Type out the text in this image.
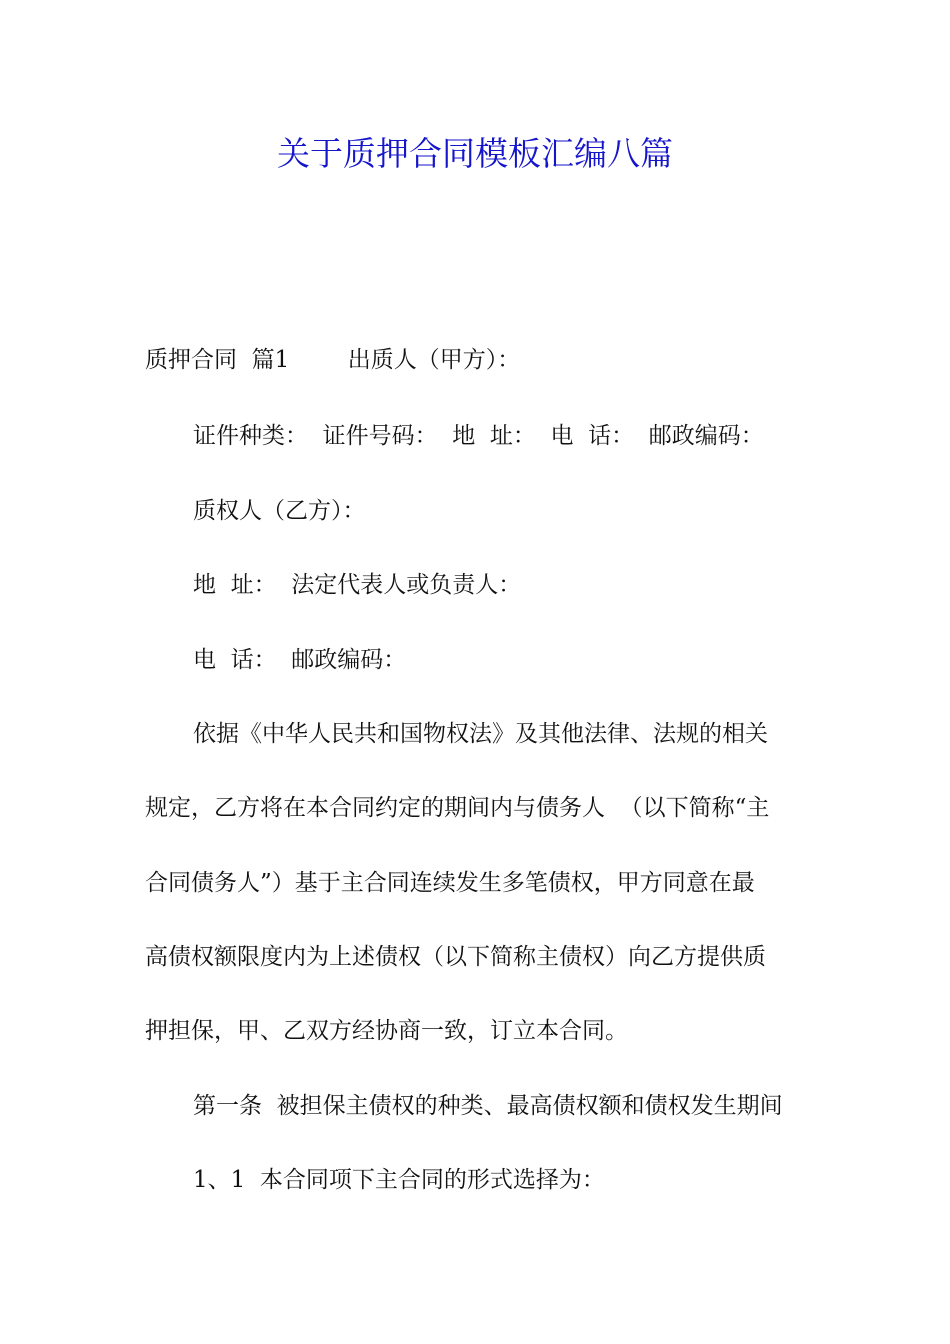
关于质押合同模板汇编八篇
质押合同  篇1        出质人（甲方）：
证件种类：  证件号码：  地  址：  电  话：  邮政编码：
质权人（乙方）：
地  址：  法定代表人或负责人：
电  话：  邮政编码：
依据《中华人民共和国物权法》及其他法律、法规的相关
规定，乙方将在本合同约定的期间内与债务人  （以下简称“主
合同债务人”）基于主合同连续发生多笔债权，甲方同意在最
高债权额限度内为上述债权（以下简称主债权）向乙方提供质
押担保，甲、乙双方经协商一致，订立本合同。
第一条  被担保主债权的种类、最高债权额和债权发生期间
1、1  本合同项下主合同的形式选择为：
